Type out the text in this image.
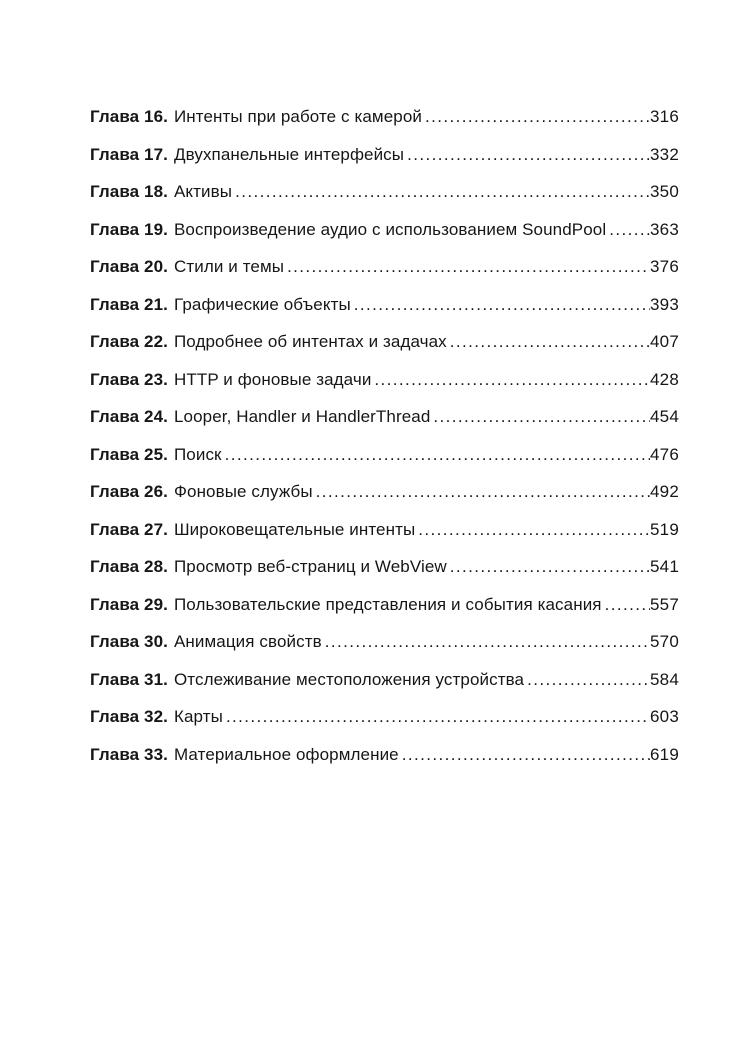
Глава 16. Интенты при работе с камерой .....	316
Глава 17. Двухпанельные интерфейсы .....	332
Глава 18. Активы .....	350
Глава 19. Воспроизведение аудио с использованием SoundPool .....	363
Глава 20. Стили и темы .....	376
Глава 21. Графические объекты .....	393
Глава 22. Подробнее об интентах и задачах .....	407
Глава 23. HTTP и фоновые задачи .....	428
Глава 24. Looper, Handler и HandlerThread .....	454
Глава 25. Поиск .....	476
Глава 26. Фоновые службы .....	492
Глава 27. Широковещательные интенты .....	519
Глава 28. Просмотр веб-страниц и WebView .....	541
Глава 29. Пользовательские представления и события касания .....	557
Глава 30. Анимация свойств .....	570
Глава 31. Отслеживание местоположения устройства .....	584
Глава 32. Карты .....	603
Глава 33. Материальное оформление .....	619
